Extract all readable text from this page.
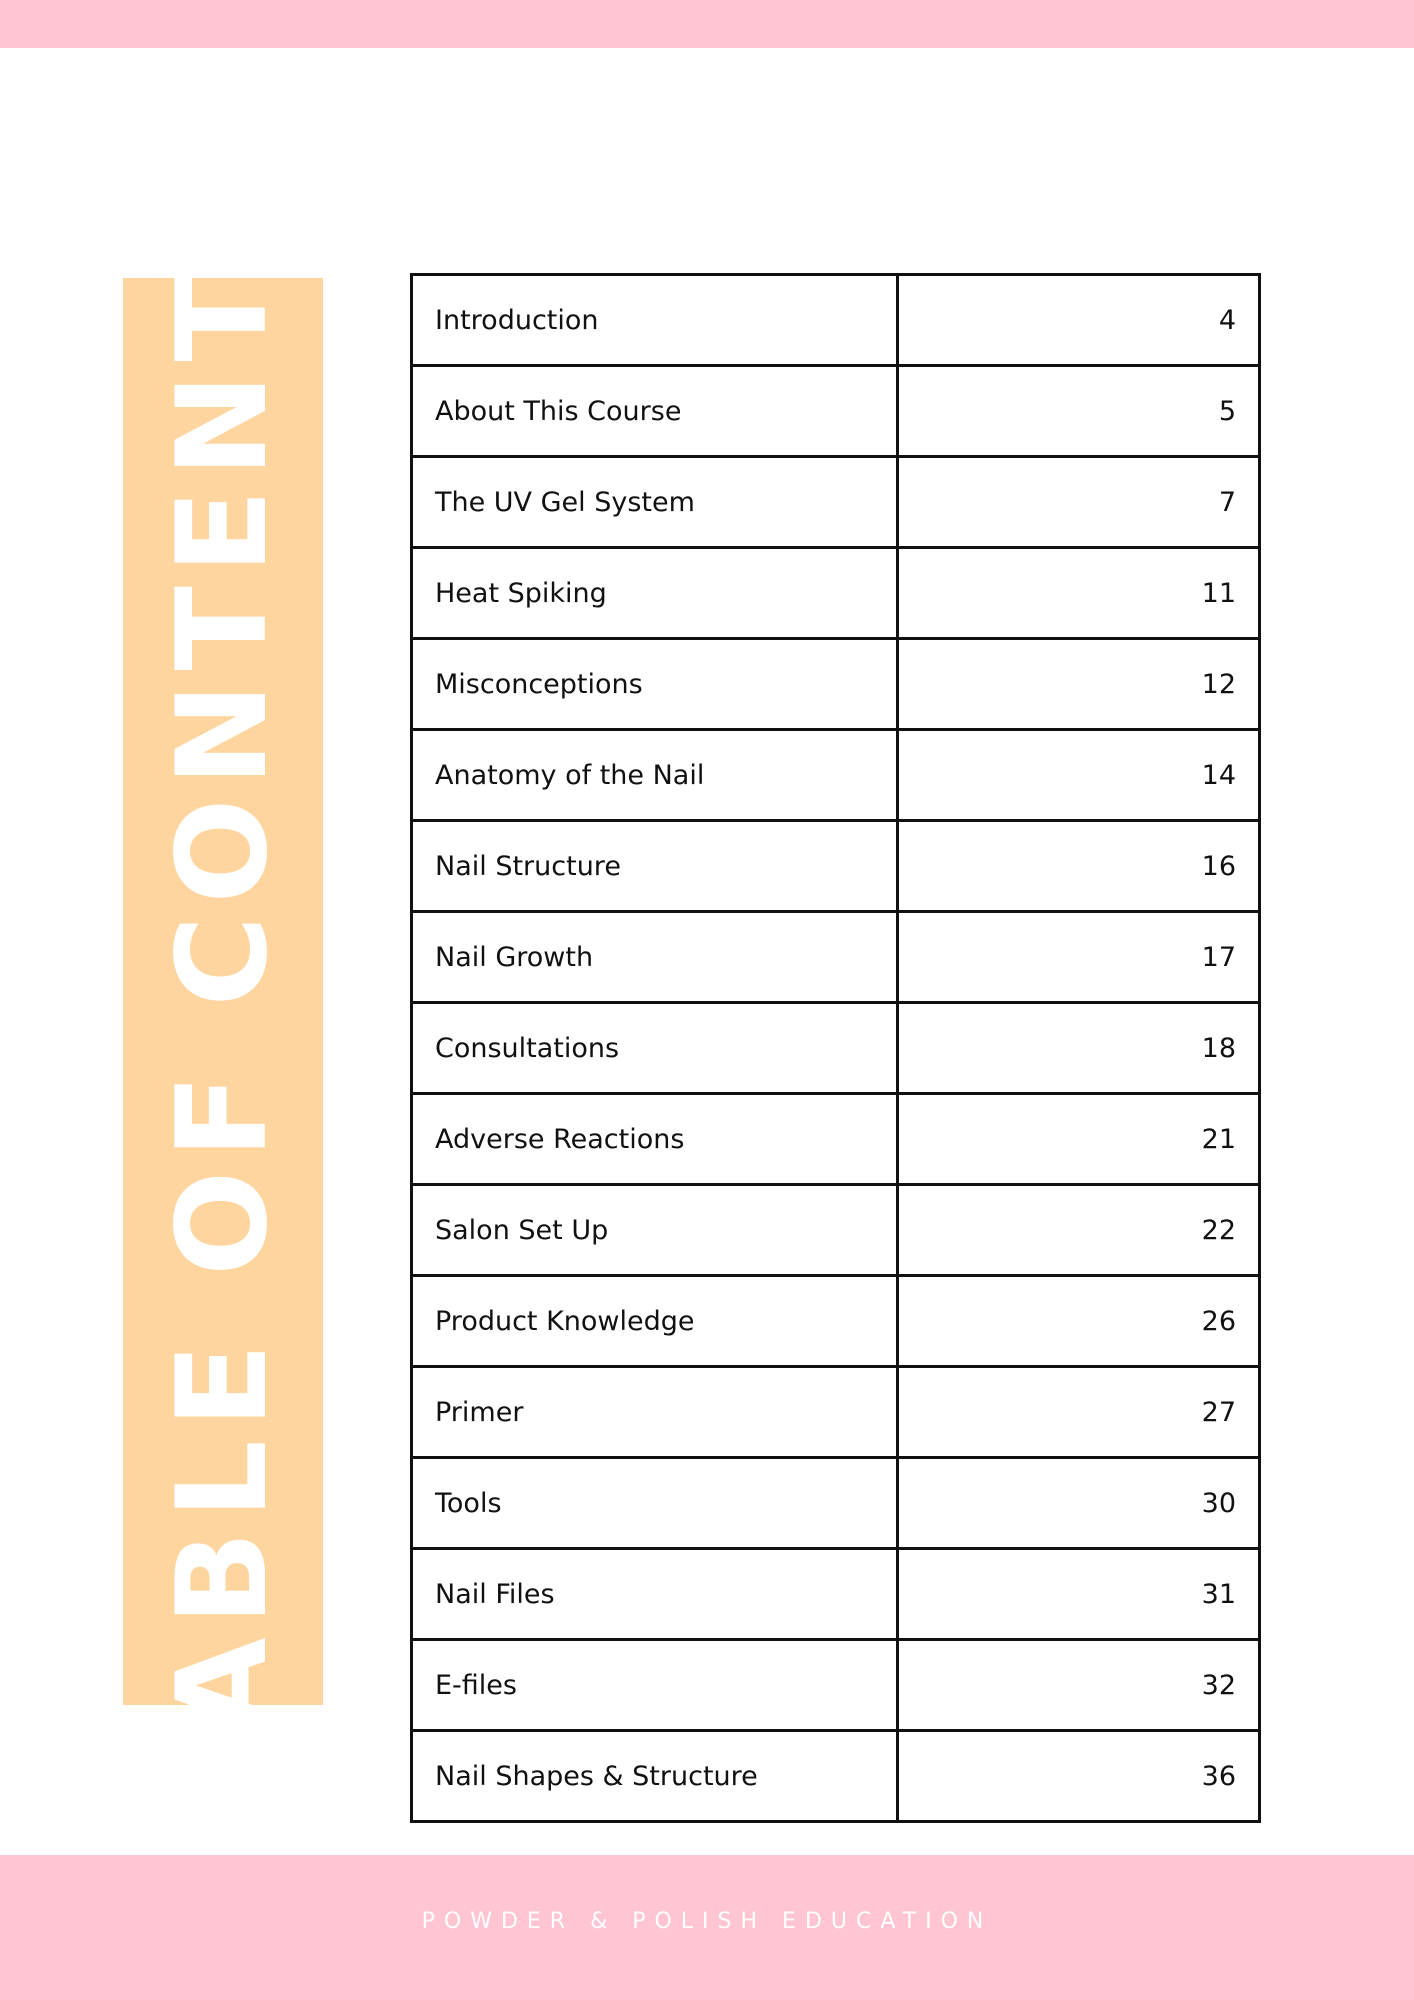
TABLE OF CONTENTS	Introduction	4
About This Course	5
The UV Gel System	7
Heat Spiking	11
Misconceptions	12
Anatomy of the Nail	14
Nail Structure	16
Nail Growth	17
Consultations	18
Adverse Reactions	21
Salon Set Up	22
Product Knowledge	26
Primer	27
Tools	30
Nail Files	31
E-files	32
Nail Shapes & Structure	36
POWDER & POLISH EDUCATION
